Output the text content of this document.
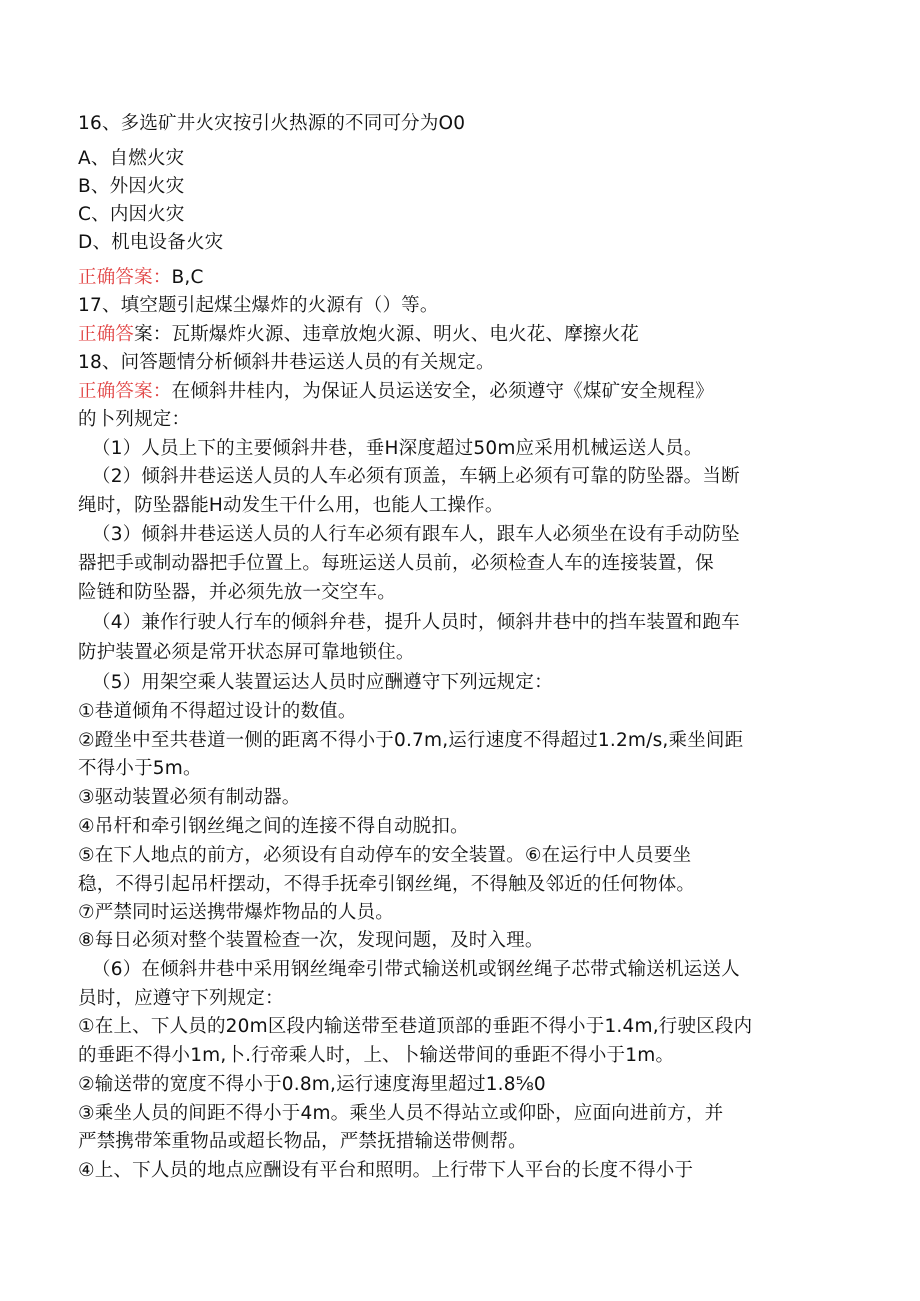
16、多选矿井火灾按引火热源的不同可分为O0
A、自燃火灾
B、外因火灾
C、内因火灾
D、机电设备火灾
正确答案：B,C
17、填空题引起煤尘爆炸的火源有（）等。
正确答案：瓦斯爆炸火源、违章放炮火源、明火、电火花、摩擦火花
18、问答题情分析倾斜井巷运送人员的有关规定。
正确答案：在倾斜井桂内，为保证人员运送安全，必须遵守《煤矿安全规程》
的卜列规定：
（1）人员上下的主要倾斜井巷，垂H深度超过50m应采用机械运送人员。
（2）倾斜井巷运送人员的人车必须有顶盖，车辆上必须有可靠的防坠器。当断
绳时，防坠器能H动发生干什么用，也能人工操作。
（3）倾斜井巷运送人员的人行车必须有跟车人，跟车人必须坐在设有手动防坠
器把手或制动器把手位置上。每班运送人员前，必须检查人车的连接装置，保
险链和防坠器，并必须先放一交空车。
（4）兼作行驶人行车的倾斜弁巷，提升人员时，倾斜井巷中的挡车装置和跑车
防护装置必须是常开状态屏可靠地锁住。
（5）用架空乘人装置运达人员时应酬遵守下列远规定：
①巷道倾角不得超过设计的数值。
②蹬坐中至共巷道一侧的距离不得小于0.7m,运行速度不得超过1.2m/s,乘坐间距
不得小于5m。
③驱动装置必须有制动器。
④吊杆和牵引钢丝绳之间的连接不得自动脱扣。
⑤在下人地点的前方，必须设有自动停车的安全装置。⑥在运行中人员要坐
稳，不得引起吊杆摆动，不得手抚牵引钢丝绳，不得触及邻近的任何物体。
⑦严禁同时运送携带爆炸物品的人员。
⑧每日必须对整个装置检查一次，发现问题，及时入理。
（6）在倾斜井巷中采用钢丝绳牵引带式输送机或钢丝绳子芯带式输送机运送人
员时，应遵守下列规定：
①在上、下人员的20m区段内输送带至巷道顶部的垂距不得小于1.4m,行驶区段内
的垂距不得小1m,卜.行帝乘人时，上、卜输送带间的垂距不得小于1m。
②输送带的宽度不得小于0.8m,运行速度海里超过1.8⅝0
③乘坐人员的间距不得小于4m。乘坐人员不得站立或仰卧，应面向进前方，并
严禁携带笨重物品或超长物品，严禁抚措输送带侧帮。
④上、下人员的地点应酬设有平台和照明。上行带下人平台的长度不得小于
